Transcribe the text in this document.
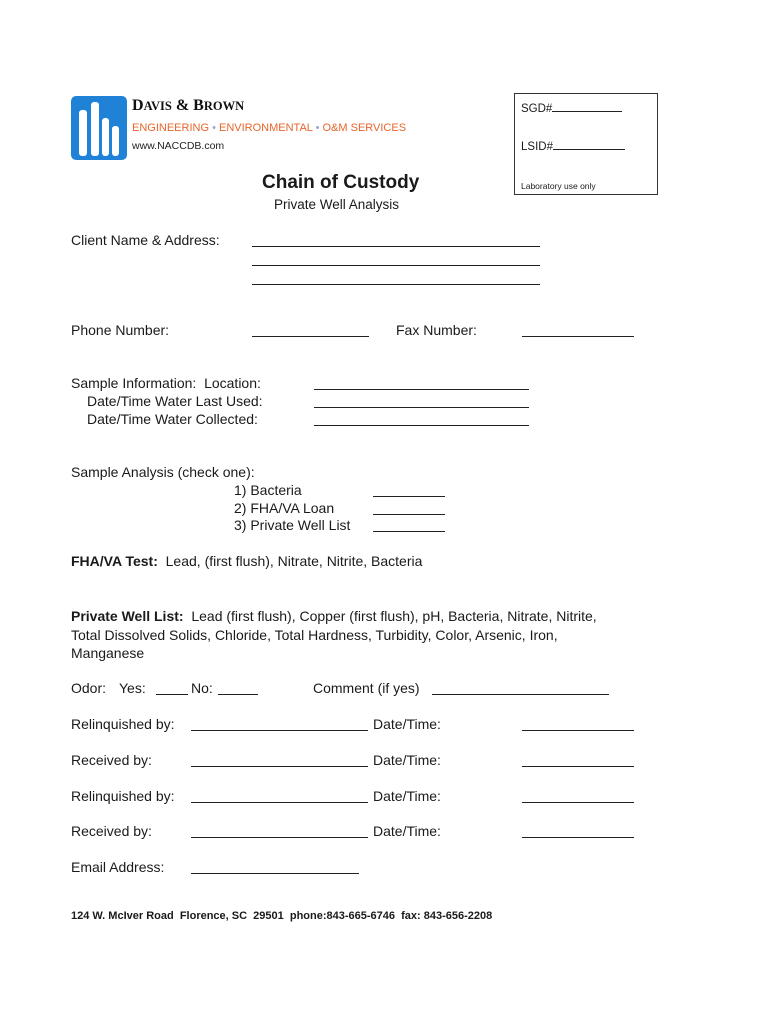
DAVIS & BROWN
ENGINEERING • ENVIRONMENTAL • O&M SERVICES
www.NACCDB.com
SGD#
LSID#
Laboratory use only
Chain of Custody
Private Well Analysis
Client Name & Address:
Phone Number:	Fax Number:
Sample Information: Location:
Date/Time Water Last Used:
Date/Time Water Collected:
Sample Analysis (check one):
1) Bacteria
2) FHA/VA Loan
3) Private Well List
FHA/VA Test: Lead, (first flush), Nitrate, Nitrite, Bacteria
Private Well List: Lead (first flush), Copper (first flush), pH, Bacteria, Nitrate, Nitrite,
Total Dissolved Solids, Chloride, Total Hardness, Turbidity, Color, Arsenic, Iron,
Manganese
Odor: Yes:	No:	Comment (if yes)
Relinquished by:	Date/Time:
Received by:	Date/Time:
Relinquished by:	Date/Time:
Received by:	Date/Time:
Email Address:
124 W. McIver Road  Florence, SC  29501  phone:843-665-6746  fax: 843-656-2208
